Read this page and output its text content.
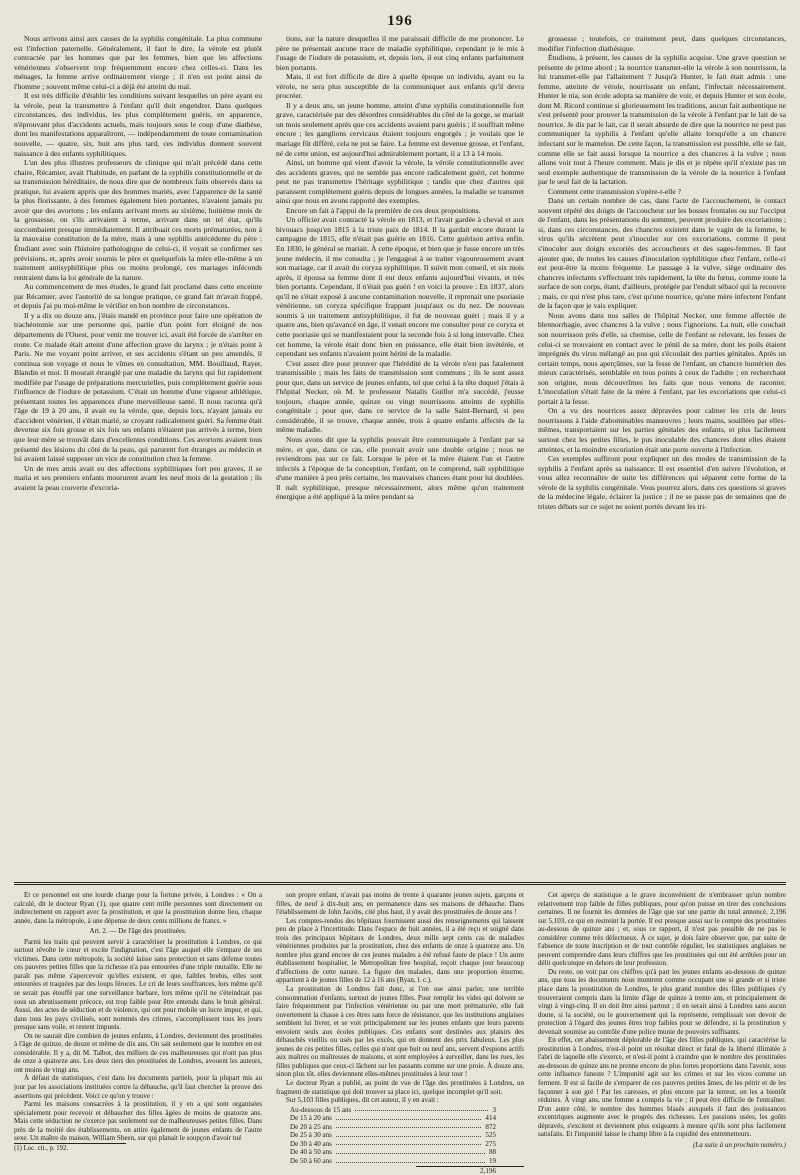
196

Nous arrivons ainsi aux causes de la syphilis congénitale. La plus commune est l'infection paternelle. Généralement, il faut le dire, la vérole est plutôt contractée par les hommes que par les femmes, bien que les affections vénériennes s'observent trop fréquemment encore chez celles-ci. Dans les ménages, la femme arrive ordinairement vierge ; il n'en est point ainsi de l'homme ; souvent même celui-ci a déjà été atteint du mal.

Il est très difficile d'établir les conditions suivant lesquelles un père ayant eu la vérole, peut la transmettre à l'enfant qu'il doit engendrer. Dans quelques circonstances, des individus, les plus complètement guéris, en apparence, n'éprouvant plus d'accidents actuels, mais toujours sous le coup d'une diathèse, dont les manifestations apparaîtront, — indépendamment de toute contamination nouvelle, — quatre, six, huit ans plus tard, ces individus donnent souvent naissance à des enfants syphilitiques.

L'un des plus illustres professeurs de clinique qui m'ait précédé dans cette chaire, Récamier, avait l'habitude, en parlant de la syphilis constitutionnelle et de sa transmission héréditaire, de nous dire que de nombreux faits observés dans sa pratique, lui avaient appris que des hommes mariés, avec l'apparence de la santé la plus florissante, à des femmes également bien portantes, n'avaient jamais pu avoir que des avortons ; les enfants arrivant morts au sixième, huitième mois de la grossesse, ou s'ils arrivaient à terme, arrivant dans un tel état, qu'ils succombaient presque immédiatement. Il attribuait ces morts prématurées, non à la mauvaise constitution de la mère, mais à une syphilis antécédente du père : Étudiant avec soin l'histoire pathologique de celui-ci, il voyait se confirmer ses prévisions, et, après avoir soumis le père et quelquefois la mère elle-même à un traitement antisyphilitique plus ou moins prolongé, ces mariages inféconds rentraient dans la loi générale de la nature.

Au commencement de mes études, le grand fait proclamé dans cette enceinte par Récamier, avec l'autorité de sa longue pratique, ce grand fait m'avait frappé, et depuis j'ai pu moi-même le vérifier en bon nombre de circonstances.

Il y a dix ou douze ans, j'étais mandé en province pour faire une opération de trachéotomie sur une personne qui, partie d'un point fort éloigné de nos départements de l'Ouest, pour venir me trouver ici, avait été forcée de s'arrêter en route. Ce malade était atteint d'une affection grave du larynx ; je n'étais point à Paris. Ne me voyant point arriver, et ses accidents s'étant un peu amendés, il continua son voyage et nous le vîmes en consultation, MM. Bouillaud, Rayer, Blandin et moi. Il mourait étranglé par une maladie du larynx qui fut rapidement modifiée par l'usage de préparations mercurielles, puis complètement guérie sous l'influence de l'iodure de potassium. C'était un homme d'une vigueur athlétique, présentant toutes les apparences d'une merveilleuse santé. Il nous raconta qu'à l'âge de 19 à 20 ans, il avait eu la vérole, que, depuis lors, n'ayant jamais eu d'accident vénérien, il s'était marié, se croyant radicalement guéri. Sa femme était devenue six fois grosse et six fois ses enfants n'étaient pas arrivés à terme, bien que leur mère se trouvât dans d'excellentes conditions. Ces avortons avaient tous présenté des lésions du côté de la peau, qui parurent fort étranges au médecin et lui avaient laissé supposer un vice de constitution chez la femme.

Un de mes amis avait eu des affections syphilitiques fort peu graves, il se maria et ses premiers enfants moururent avant les neuf mois de la gestation ; ils avaient la peau couverte d'excoria-

tions, sur la nature desquelles il me paraissait difficile de me prononcer. Le père ne présentait aucune trace de maladie syphilitique, cependant je le mis à l'usage de l'iodure de potassium, et, depuis lors, il eut cinq enfants parfaitement bien portants.

Mais, il est fort difficile de dire à quelle époque un individu, ayant eu la vérole, ne sera plus susceptible de la communiquer aux enfants qu'il devra procréer.

Il y a deux ans, un jeune homme, atteint d'une syphilis constitutionnelle fort grave, caractérisée par des désordres considérables du côté de la gorge, se mariait un mois seulement après que ces accidents avaient paru guéris ; il souffrait même encore ; les ganglions cervicaux étaient toujours engorgés ; je voulais que le mariage fût différé, cela ne put se faire. La femme est devenue grosse, et l'enfant, né de cette union, est aujourd'hui admirablement portant, il a 13 à 14 mois.

Ainsi, un homme qui vient d'avoir la vérole, la vérole constitutionnelle avec des accidents graves, qui ne semble pas encore radicalement guéri, cet homme peut ne pas transmettre l'héritage syphilitique ; tandis que chez d'autres qui paraissent complètement guéris depuis de longues années, la maladie se transmet ainsi que nous en avons rapporté des exemples.

Encore un fait à l'appui de la première de ces deux propositions.

Un officier avait contracté la vérole en 1813, et l'avait gardée à cheval et aux bivouacs jusqu'en 1815 à la triste paix de 1814. Il la gardait encore durant la campagne de 1815, elle n'était pas guérie en 1816. Cette guérison arriva enfin. En 1830, le général se mariait. À cette époque, et bien que je fusse encore un très jeune médecin, il me consulta ; je l'engageai à se traiter vigoureusement avant son mariage, car il avait du coryza syphilitique. Il suivit mon conseil, et six mois après, il épousa sa femme dont il eut deux enfants aujourd'hui vivants, et très bien portants. Cependant, il n'était pas guéri ! en voici la preuve : En 1837, alors qu'il ne s'était exposé à aucune contamination nouvelle, il reprenait une psoriasie vénérienne, un coryza spécifique frappant jusqu'aux os du nez. De nouveau soumis à un traitement antisyphilitique, il fut de nouveau guéri ; mais il y a quatre ans, bien qu'avancé en âge, il venait encore me consulter pour ce coryza et cette psoriasie qui se manifestaient pour la seconde fois à si long intervalle. Chez cet homme, la vérole était donc bien en puissance, elle était bien invétérée, et cependant ses enfants n'avaient point hérité de la maladie.

C'est assez dire pour prouver que l'hérédité de la vérole n'est pas fatalement transmissible ; mais les faits de transmission sont communs ; ils le sont assez pour que, dans un service de jeunes enfants, tel que celui à la tête duquel j'étais à l'hôpital Necker, où M. le professeur Natalis Guillot m'a succédé, j'eusse toujours, chaque année, quinze ou vingt nourrissons atteints de syphilis congénitale ; pour que, dans ce service de la salle Saint-Bernard, si peu considérable, il se trouve, chaque année, trois à quatre enfants affectés de la même maladie.

Nous avons dit que la syphilis pouvait être communiquée à l'enfant par sa mère, et que, dans ce cas, elle pouvait avoir une double origine ; nous ne reviendrons pas sur ce fait. Lorsque le père et la mère étaient l'un et l'autre infectés à l'époque de la conception, l'enfant, on le comprend, naît syphilitique d'une manière à peu près certaine, les mauvaises chances étant pour lui doublées. Il naît syphilitique, presque nécessairement, alors même qu'un traitement énergique a été appliqué à la mère pendant sa

grossesse ; toutefois, ce traitement peut, dans quelques circonstances, modifier l'infection diathésique.

Étudions, à présent, les causes de la syphilis acquise. Une grave question se présente de prime abord ; la nourrice transmet-elle la vérole à son nourrisson, la lui transmet-elle par l'allaitement ? Jusqu'à Hunter, le fait était admis : une femme, atteinte de vérole, nourrissant un enfant, l'infectait nécessairement. Hunter le nia, son école adopta sa manière de voir, et depuis Hunter et son école, dont M. Ricord continue si glorieusement les traditions, aucun fait authentique ne s'est présenté pour prouver la transmission de la vérole à l'enfant par le lait de sa nourrice. Je dis par le lait, car il serait absurde de dire que la nourrice ne peut pas communiquer la syphilis à l'enfant qu'elle allaite lorsqu'elle a un chancre infectant sur le mamelon. De cette façon, la transmission est possible, elle se fait, comme elle se fait aussi lorsque la nourrice a des chancres à la vulve ; nous allons voir tout à l'heure comment. Mais je dis et je répète qu'il n'existe pas un seul exemple authentique de transmission de la vérole de la nourrice à l'enfant par le seul fait de la lactation.

Comment cette transmission s'opère-t-elle ?

Dans un certain nombre de cas, dans l'acte de l'accouchement, le contact souvent répété des doigts de l'accoucheur sur les bosses frontales ou sur l'occiput de l'enfant, dans les présentations du sommet, peuvent produire des excoriations ; si, dans ces circonstances, des chancres existent dans le vagin de la femme, le virus qu'ils sécrètent peut s'inoculer sur ces excoriations, comme il peut s'inoculer aux doigts excoriés des accoucheurs et des sages-femmes. Il faut ajouter que, de toutes les causes d'inoculation syphilitique chez l'enfant, celle-ci est peut-être la moins fréquente. Le passage à la vulve, siège ordinaire des chancres infectants s'effectuant très rapidement, la tête du fœtus, comme toute la surface de son corps, étant, d'ailleurs, protégée par l'enduit sébacé qui la recouvre ; mais, ce qui n'est plus rare, c'est qu'une nourrice, qu'une mère infectent l'enfant de la façon que je vais expliquer.

Nous avons dans nos salles de l'hôpital Necker, une femme affectée de blennorrhagie, avec chancres à la vulve ; nous l'ignorions. La nuit, elle couchait son nourrisson près d'elle, sa chemise, celle de l'enfant se relevant, les fesses de celui-ci se trouvaient en contact avec le pénil de sa mère, dont les poils étaient imprégnés du virus mélangé au pus qui s'écoulait des parties génitales. Après un certain temps, nous aperçûmes, sur la fesse de l'enfant, un chancre huntérien des mieux caractérisés, semblable en tous points à ceux de l'adulte ; en recherchant son origine, nous découvrîmes les faits que nous venons de raconter. L'inoculation s'était faite de la mère à l'enfant, par les excoriations que celui-ci portait à la fesse.

On a vu des nourrices assez dépravées pour calmer les cris de leurs nourrissons à l'aide d'abominables manœuvres ; leurs mains, souillées par elles-mêmes, transportaient sur les parties génitales des enfants, et plus facilement surtout chez les petites filles, le pus inoculable des chancres dont elles étaient atteintes, et la moindre excoriation était une porte ouverte à l'infection.

Ces exemples suffiront pour expliquer un des modes de transmission de la syphilis à l'enfant après sa naissance. Il est essentiel d'en suivre l'évolution, et vous allez reconnaître de suite les différences qui séparent cette forme de la vérole de la syphilis congénitale. Vous pourrez alors, dans ces questions si graves de la médecine légale, éclairer la justice ; il ne se passe pas de semaines que de tristes débats sur ce sujet ne soient portés devant les tri-

Et ce personnel est une lourde charge pour la fortune privée, à Londres : « On a calculé, dit le docteur Ryan (1), que quatre cent mille personnes sont directement ou indirectement en rapport avec la prostitution, et que la prostitution donne lieu, chaque année, dans la métropole, à une dépense de deux cents millions de francs. »

Art. 2. — De l'âge des prostituées.

Parmi les traits qui peuvent servir à caractériser la prostitution à Londres, ce qui surtout révolte le cœur et excite l'indignation, c'est l'âge auquel elle s'empare de ses victimes. Dans cette métropole, la société laisse sans protection et sans défense toutes ces pauvres petites filles que la richesse n'a pas entourées d'une triple muraille. Elle ne paraît pas même s'apercevoir qu'elles existent, et que, faibles brebis, elles sont entourées et traquées par des loups féroces. Le cri de leurs souffrances, lors même qu'il se serait pas étouffé par une surveillance barbare, lors même qu'il ne s'éteindrait pas sous un abrutissement précoce, est trop faible pour être entendu dans le bruit général. Aussi, des actes de séduction et de violence, qui ont pour mobile un lucre impur, et qui, dans tous les pays civilisés, sont nommés des crimes, s'accomplissent tous les jours presque sans voile, et restent impunis.

On ne saurait dire combien de jeunes enfants, à Londres, deviennent des prostituées à l'âge de quinze, de douze et même de dix ans. On sait seulement que le nombre en est considérable. Il y a, dit M. Talbot, des milliers de ces malheureuses qui n'ont pas plus de onze à quatorze ans. Les deux tiers des prostituées de Londres, avouent les auteurs, ont moins de vingt ans.

À défaut de statistiques, c'est dans les documents partiels, pour la plupart mis au jour par les associations instituées contre la débauche, qu'il faut chercher la preuve des assertions qui précèdent. Voici ce qu'on y trouve :

Parmi les maisons consacrées à la prostitution, il y en a qui sont organisées spécialement pour recevoir et débaucher des filles âgées de moins de quatorze ans. Mais cette séduction ne s'exerce pas seulement sur de malheureuses petites filles. Dans près de la moitié des établissements, on attire également de jeunes enfants de l'autre sexe. Un maître de maison, William Sheen, sur qui planait le soupçon d'avoir tué

(1) Loc. cit., p. 192.

son propre enfant, n'avait pas moins de trente à quarante jeunes sujets, garçons et filles, de neuf à dix-huit ans, en permanence dans ses maisons de débauche. Dans l'établissement de John Jacobs, cité plus haut, il y avait des prostituées de douze ans !

Les comptes-rendus des hôpitaux fournissent aussi des renseignements qui laissent peu de place à l'incertitude. Dans l'espace de huit années, il a été reçu et soigné dans trois des principaux hôpitaux de Londres, deux mille sept cents cas de maladies vénériennes produites par la prostitution, chez des enfants de onze à quatorze ans. Un nombre plus grand encore de ces jeunes malades a été refusé faute de place ! Un autre établissement hospitalier, le Metropolitan free hospital, reçoit chaque jour beaucoup d'affections de cette nature. La figure des malades, dans une proportion énorme, appartient à de jeunes filles de 12 à 16 ans (Ryan, l. c.).

La prostitution de Londres fait donc, si l'on ose ainsi parler, une terrible consommation d'enfants, surtout de jeunes filles. Pour remplir les vides qui doivent se faire fréquemment par l'infection vénérienne ou par une mort prématurée, elle fait ouvertement la chasse à ces êtres sans force de résistance, que les institutions anglaises semblent lui livrer, et se voit principalement sur les jeunes enfants que leurs parents envoient seuls aux écoles publiques. Ces enfants sont destinées aux plaisirs des débauchés vieillis ou usés par les excès, qui en donnent des prix fabuleux. Les plus jeunes de ces petites filles, celles qui n'ont que huit ou neuf ans, servent d'espions actifs aux maîtres ou maîtresses de maisons, et sont employées à surveiller, dans les rues, les filles publiques que ceux-ci lâchent sur les passants comme sur une proie. À douze ans, sinon plus tôt, elles deviennent elles-mêmes prostituées à leur tour !

Le docteur Ryan a publié, au point de vue de l'âge des prostituées à Londres, un fragment de statistique qui doit trouver sa place ici, quelque incomplet qu'il soit.

Sur 5,103 filles publiques, dit cet auteur, il y en avait :

Au-dessous de 15 ans	3
De 15 à 20 ans	414
De 20 à 25 ans	872
De 25 à 30 ans	525
De 30 à 40 ans	275
De 40 à 50 ans	88
De 50 à 60 ans	19
2,196

Cet aperçu de statistique a le grave inconvénient de n'embrasser qu'un nombre relativement trop faible de filles publiques, pour qu'on puisse en tirer des conclusions certaines. Il ne fournit les données de l'âge que sur une partie du total annoncé, 2,196 sur 5,103, ce qui en restreint la portée. Il est presque aussi sur le compte des prostituées au-dessous de quinze ans ; et, sous ce rapport, il n'est pas possible de ne pas le considérer comme très défectueux. À ce sujet, je dois faire observer que, par suite de l'absence de toute inscription et de tout contrôle régulier, les statistiques anglaises ne peuvent comprendre dans leurs chiffres que les prostituées qui ont été arrêtées pour un délit quelconque en dehors de leur profession.

Du reste, on voit par ces chiffres qu'à part les jeunes enfants au-dessous de quinze ans, que tous les documents nous montrent comme occupant une si grande et si triste place dans la prostitution de Londres, le plus grand nombre des filles publiques s'y trouveraient compris dans la limite d'âge de quinze à trente ans, et principalement de vingt à vingt-cinq. Il en doit être ainsi partout ; il en serait ainsi à Londres sans aucun doute, si la société, ou le gouvernement qui la représente, remplissait son devoir de protection à l'égard des jeunes êtres trop faibles pour se défendre, si la prostitution y devenait soumise au contrôle d'une police munie de pouvoirs suffisants.

En effet, cet abaissement déplorable de l'âge des filles publiques, qui caractérise la prostitution à Londres, n'est-il point un résultat direct et fatal de la liberté illimitée à l'abri de laquelle elle s'exerce, et n'est-il point à craindre que le nombre des prostituées au-dessous de quinze ans ne prenne encore de plus fortes proportions dans l'avenir, sous cette influence funeste ? L'impunité agit sur les crimes et sur les vices comme un ferment. Il est si facile de s'emparer de ces pauvres petites âmes, de les pétrir et de les façonner à son gré ! Par les caresses, et plus encore par la terreur, on les a bientôt réduites. À vingt ans, une femme a compris la vie ; il peut être difficile de l'entraîner. D'un autre côté, le nombre des hommes blasés auxquels il faut des jouissances excentriques augmente avec le progrès des richesses. Les passions usées, les goûts dépravés, s'excitent et deviennent plus exigeants à mesure qu'ils sont plus facilement satisfaits. Et l'impunité laisse le champ libre à la cupidité des entremetteurs.

(La suite à un prochain numéro.)
